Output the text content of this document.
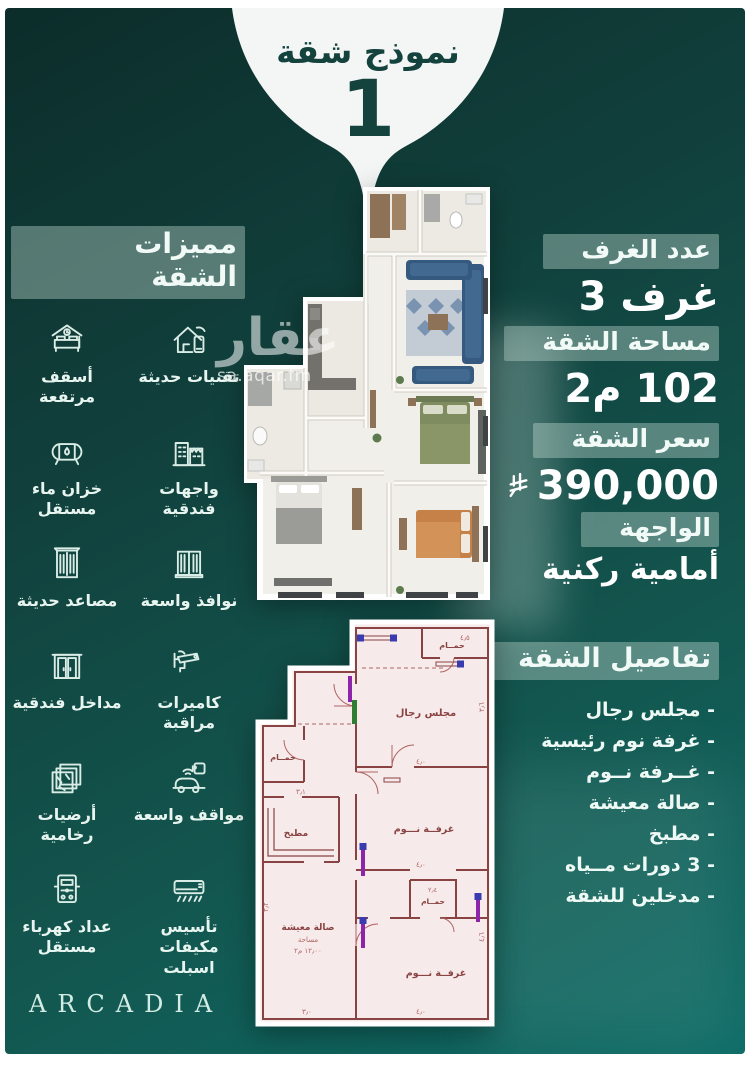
نموذج شقة
1
عقار
sa.aqar.fm
مميزات الشقة
تقنيات حديثة
أسقف مرتفعة
واجهات فندقية
خزان ماء مستقل
نوافذ واسعة
مصاعد حديثة
كاميرات مراقبة
مداخل فندقية
P
مواقف واسعة
أرضيات رخامية
تأسيس مكيفات اسبلت
عداد كهرباء مستقل
حمــام
مجلس رجال
حمــام
مطبخ	غرفــة نـــوم
صالة معيشة
مساحة
١٢٫٠٠ م٢
حمــام
غرفــة نـــوم
٤٫٥
٣٫٦
٤٫٠
٤٫٠
٢٫٤
٣٫١
٤٫٠
٣٫٠
٤٫٦
٣٫٢
عدد الغرف
3 غرف
مساحة الشقة
102 م2
سعر الشقة
390,000
الواجهة
أمامية ركنية
تفاصيل الشقة
- مجلس رجال
- غرفة نوم رئيسية
- غــرفة نــوم
- صالة معيشة
- مطبخ
- 3 دورات مــياه
- مدخلين للشقة
ARCADIA
